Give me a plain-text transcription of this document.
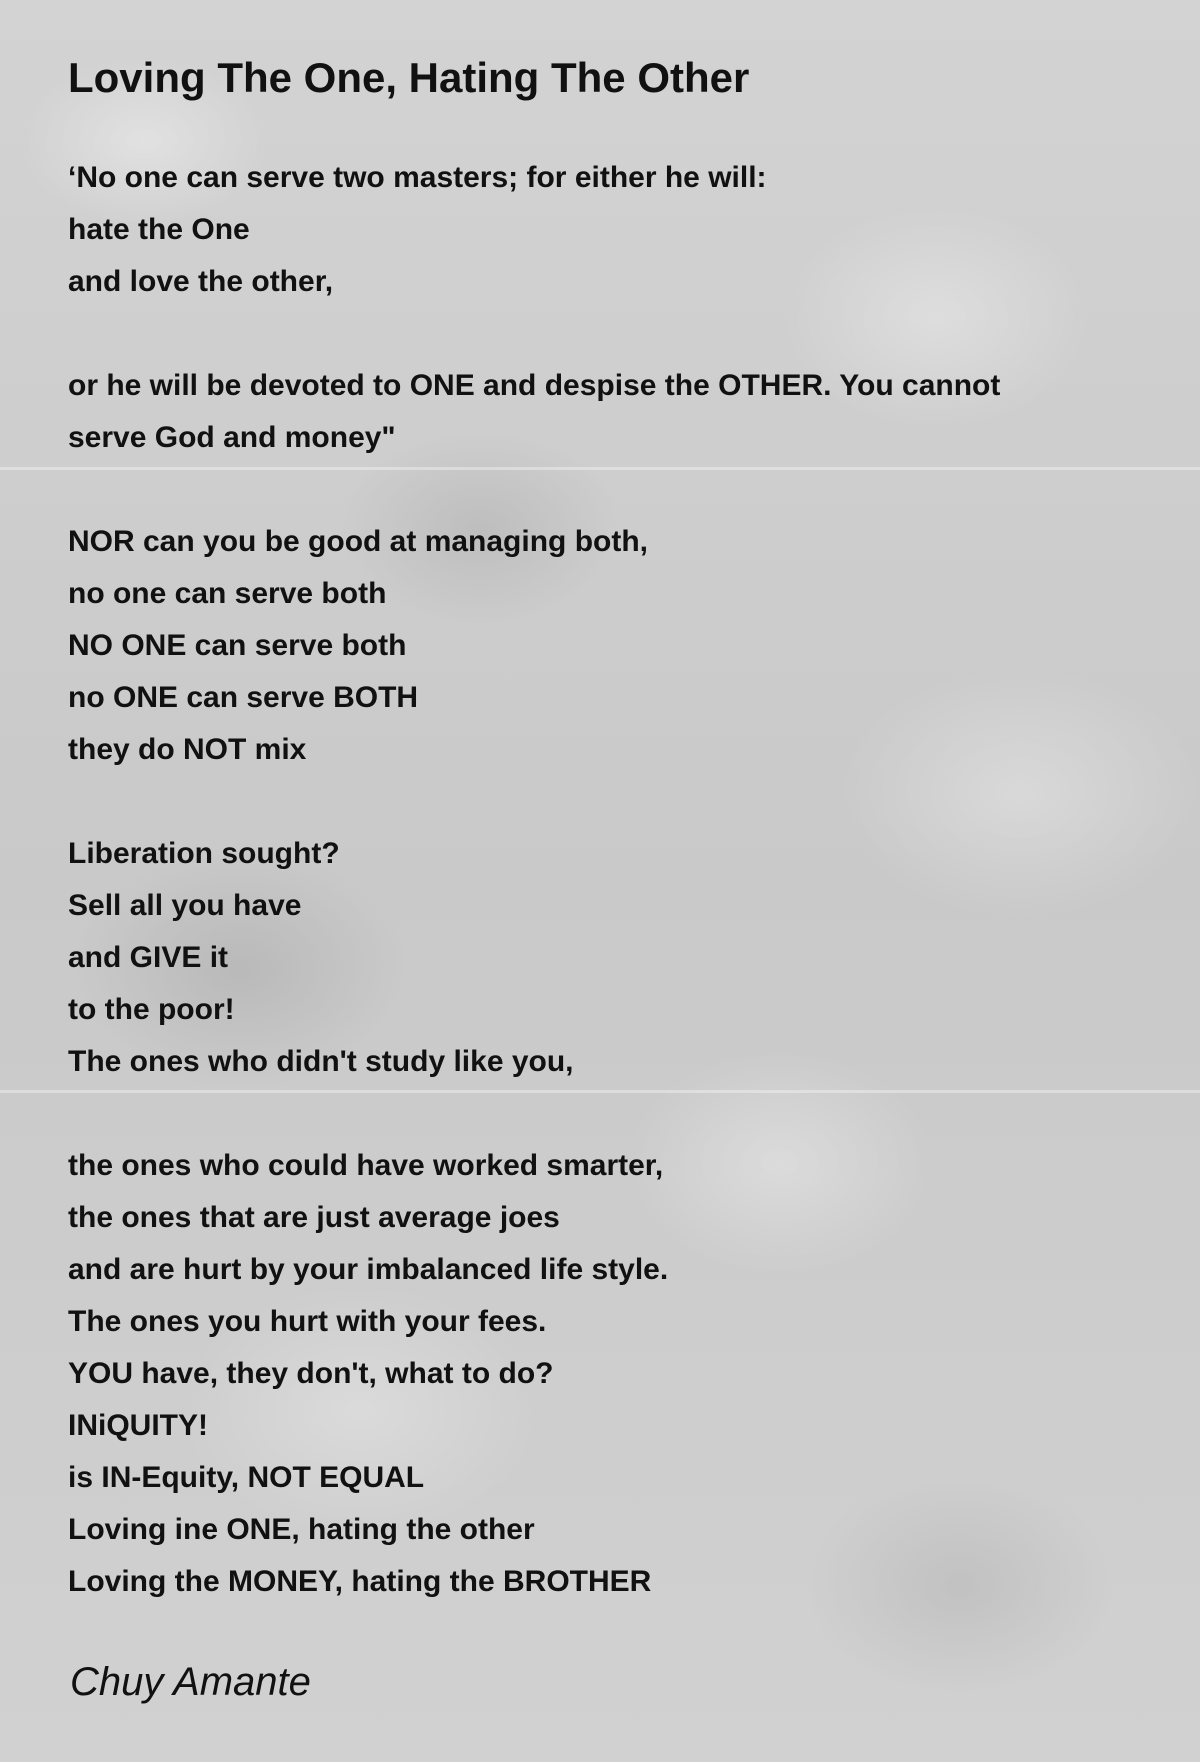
Loving The One, Hating The Other
‘No one can serve two masters; for either he will:
hate the One
and love the other,
or he will be devoted to ONE and despise the OTHER. You cannot
serve God and money"
NOR can you be good at managing both,
no one can serve both
NO ONE can serve both
no ONE can serve BOTH
they do NOT mix
Liberation sought?
Sell all you have
and GIVE it
to the poor!
The ones who didn't study like you,
the ones who could have worked smarter,
the ones that are just average joes
and are hurt by your imbalanced life style.
The ones you hurt with your fees.
YOU have, they don't, what to do?
INiQUITY!
is IN-Equity, NOT EQUAL
Loving ine ONE, hating the other
Loving the MONEY, hating the BROTHER
Chuy Amante
